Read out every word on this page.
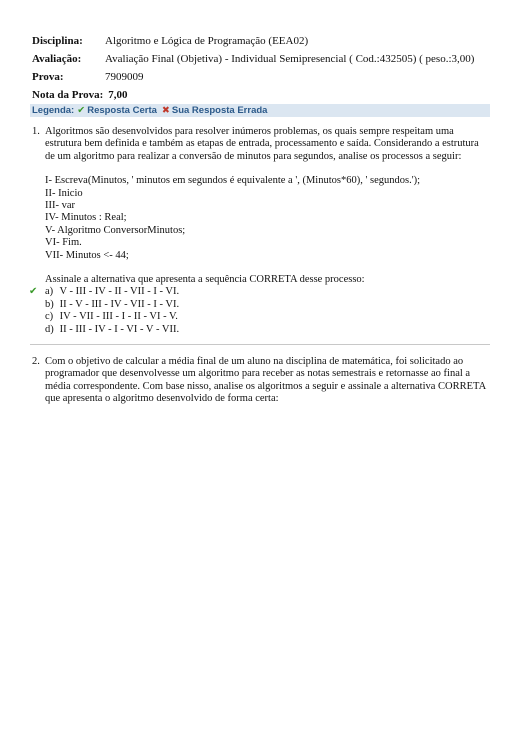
Disciplina:	Algoritmo e Lógica de Programação (EEA02)
Avaliação:	Avaliação Final (Objetiva) - Individual Semipresencial ( Cod.:432505) ( peso.:3,00)
Prova:	7909009
Nota da Prova: 7,00
Legenda: ✔ Resposta Certa ✖ Sua Resposta Errada
1. Algoritmos são desenvolvidos para resolver inúmeros problemas, os quais sempre respeitam uma
estrutura bem definida e também as etapas de entrada, processamento e saída. Considerando a estrutura
de um algoritmo para realizar a conversão de minutos para segundos, analise os processos a seguir:
I- Escreva(Minutos, ' minutos em segundos é equivalente a ', (Minutos*60), ' segundos.');
II- Inicio
III- var
IV- Minutos : Real;
V- Algoritmo ConversorMinutos;
VI- Fim.
VII- Minutos <- 44;
Assinale a alternativa que apresenta a sequência CORRETA desse processo:
✔ a) V - III - IV - II - VII - I - VI.
b) II - V - III - IV - VII - I - VI.
c) IV - VII - III - I - II - VI - V.
d) II - III - IV - I - VI - V - VII.
2. Com o objetivo de calcular a média final de um aluno na disciplina de matemática, foi solicitado ao
programador que desenvolvesse um algoritmo para receber as notas semestrais e retornasse ao final a
média correspondente. Com base nisso, analise os algoritmos a seguir e assinale a alternativa CORRETA
que apresenta o algoritmo desenvolvido de forma certa:
